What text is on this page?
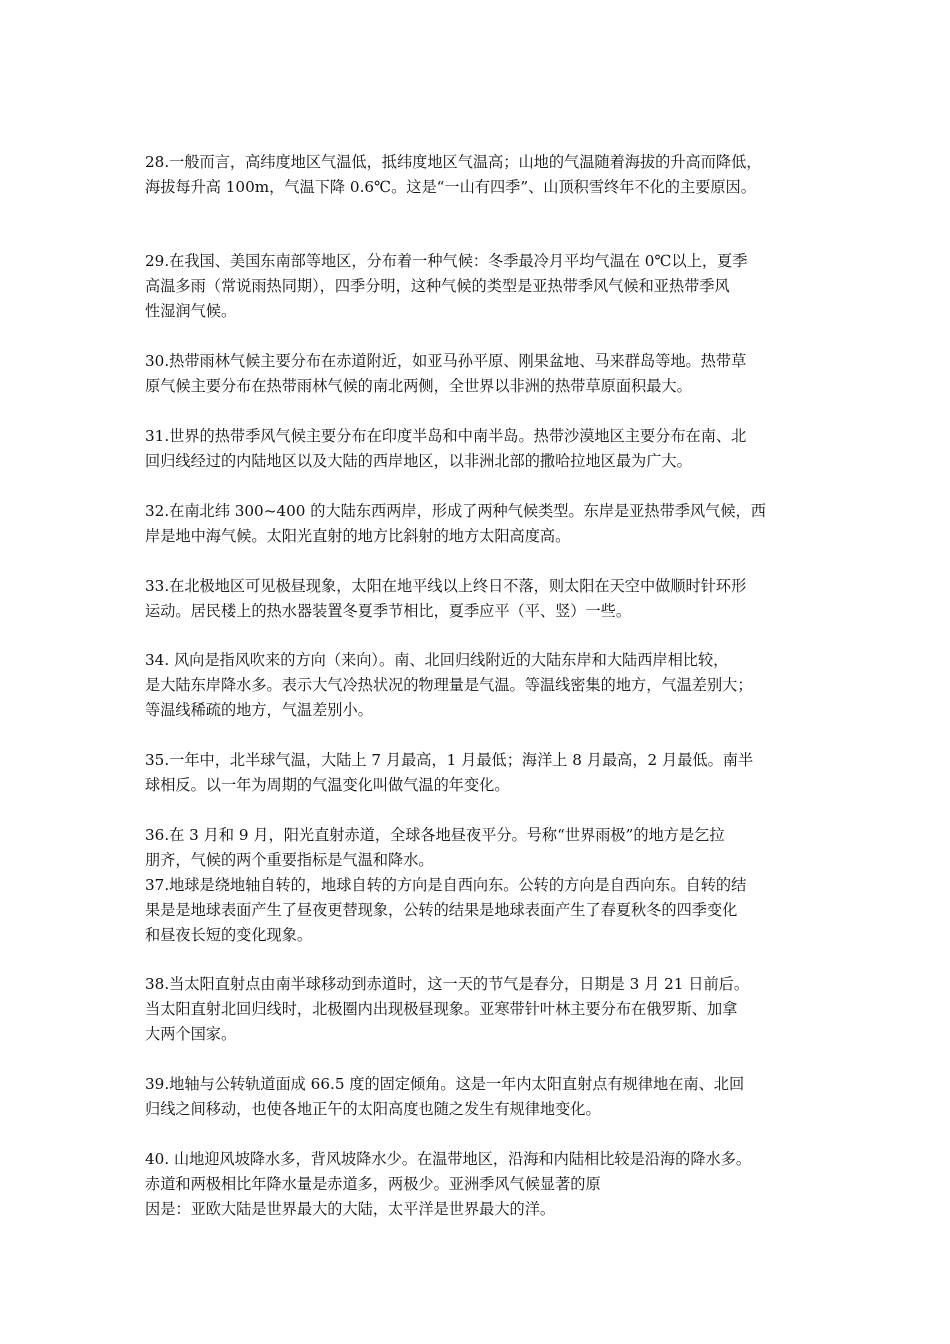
28.一般而言，高纬度地区气温低，抵纬度地区气温高；山地的气温随着海拔的升高而降低，
海拔每升高 100m，气温下降 0.6℃。这是“一山有四季”、山顶积雪终年不化的主要原因。
29.在我国、美国东南部等地区，分布着一种气候：冬季最冷月平均气温在 0℃以上，夏季
高温多雨（常说雨热同期），四季分明，这种气候的类型是亚热带季风气候和亚热带季风
性湿润气候。
30.热带雨林气候主要分布在赤道附近，如亚马孙平原、刚果盆地、马来群岛等地。热带草
原气候主要分布在热带雨林气候的南北两侧，全世界以非洲的热带草原面积最大。
31.世界的热带季风气候主要分布在印度半岛和中南半岛。热带沙漠地区主要分布在南、北
回归线经过的内陆地区以及大陆的西岸地区，以非洲北部的撒哈拉地区最为广大。
32.在南北纬 300~400 的大陆东西两岸，形成了两种气候类型。东岸是亚热带季风气候，西
岸是地中海气候。太阳光直射的地方比斜射的地方太阳高度高。
33.在北极地区可见极昼现象，太阳在地平线以上终日不落，则太阳在天空中做顺时针环形
运动。居民楼上的热水器装置冬夏季节相比，夏季应平（平、竖）一些。
34. 风向是指风吹来的方向（来向）。南、北回归线附近的大陆东岸和大陆西岸相比较，
是大陆东岸降水多。表示大气冷热状况的物理量是气温。等温线密集的地方，气温差别大；
等温线稀疏的地方，气温差别小。
35.一年中，北半球气温，大陆上 7 月最高，1 月最低；海洋上 8 月最高，2 月最低。南半
球相反。以一年为周期的气温变化叫做气温的年变化。
36.在 3 月和 9 月，阳光直射赤道，全球各地昼夜平分。号称“世界雨极”的地方是乞拉
朋齐，气候的两个重要指标是气温和降水。
37.地球是绕地轴自转的，地球自转的方向是自西向东。公转的方向是自西向东。自转的结
果是是地球表面产生了昼夜更替现象，公转的结果是地球表面产生了春夏秋冬的四季变化
和昼夜长短的变化现象。
38.当太阳直射点由南半球移动到赤道时，这一天的节气是春分，日期是 3 月 21 日前后。
当太阳直射北回归线时，北极圈内出现极昼现象。亚寒带针叶林主要分布在俄罗斯、加拿
大两个国家。
39.地轴与公转轨道面成 66.5 度的固定倾角。这是一年内太阳直射点有规律地在南、北回
归线之间移动，也使各地正午的太阳高度也随之发生有规律地变化。
40. 山地迎风坡降水多，背风坡降水少。在温带地区，沿海和内陆相比较是沿海的降水多。
赤道和两极相比年降水量是赤道多，两极少。亚洲季风气候显著的原
因是：亚欧大陆是世界最大的大陆，太平洋是世界最大的洋。
